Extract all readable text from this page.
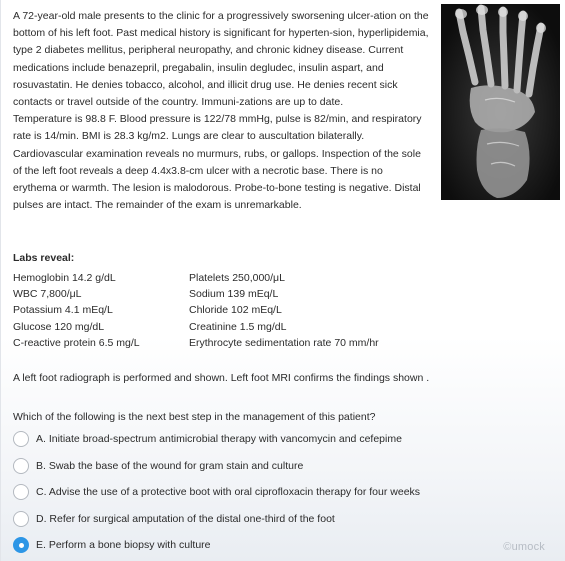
A 72-year-old male presents to the clinic for a progressively sworsening ulcer-ation on the bottom of his left foot. Past medical history is significant for hyperten-sion, hyperlipidemia, type 2 diabetes mellitus, peripheral neuropathy, and chronic kidney disease. Current medications include benazepril, pregabalin, insulin degludec, insulin aspart, and rosuvastatin. He denies tobacco, alcohol, and illicit drug use. He denies recent sick contacts or travel outside of the country. Immuni-zations are up to date.

Temperature is 98.8 F. Blood pressure is 122/78 mmHg, pulse is 82/min, and respiratory rate is 14/min. BMI is 28.3 kg/m2. Lungs are clear to auscultation bilaterally. Cardiovascular examination reveals no murmurs, rubs, or gallops. Inspection of the sole of the left foot reveals a deep 4.4x3.8-cm ulcer with a necrotic base. There is no erythema or warmth. The lesion is malodorous. Probe-to-bone testing is negative. Distal pulses are intact. The remainder of the exam is unremarkable.

Labs reveal:
Hemoglobin 14.2 g/dL	Platelets 250,000/μL
WBC 7,800/μL	Sodium 139 mEq/L
Potassium 4.1 mEq/L	Chloride 102 mEq/L
Glucose 120 mg/dL	Creatinine 1.5 mg/dL
C-reactive protein 6.5 mg/L	Erythrocyte sedimentation rate 70 mm/hr
A left foot radiograph is performed and shown. Left foot MRI confirms the findings shown .
Which of the following is the next best step in the management of this patient?
A. Initiate broad-spectrum antimicrobial therapy with vancomycin and cefepime
B. Swab the base of the wound for gram stain and culture
C. Advise the use of a protective boot with oral ciprofloxacin therapy for four weeks
D. Refer for surgical amputation of the distal one-third of the foot
E. Perform a bone biopsy with culture	©umock
